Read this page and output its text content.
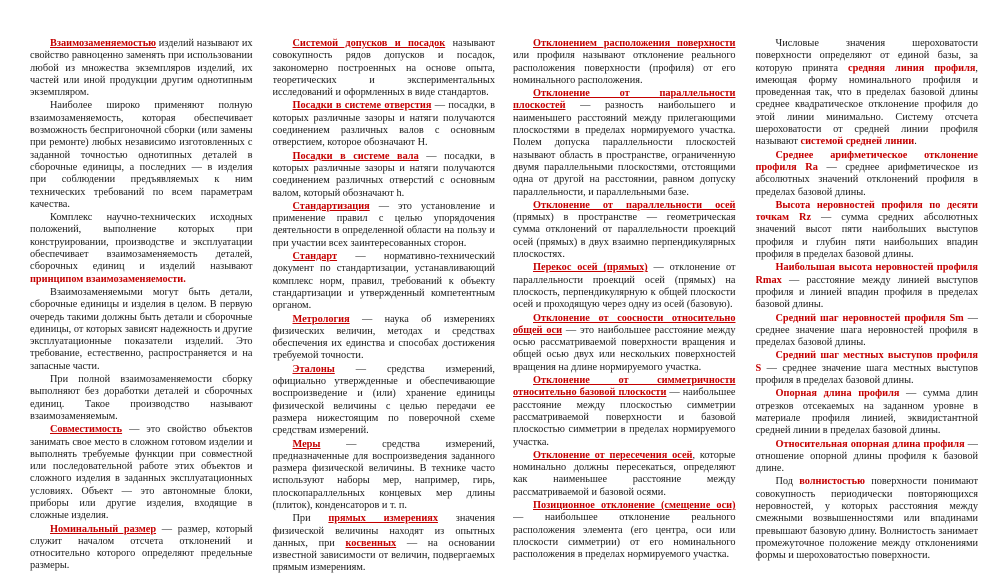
Взаимозаменяемостью изделий называют их свойство равноценно заменять при использовании любой из множества экземпляров изделий, их частей или иной продукции другим однотипным экземпляром.

Наиболее широко применяют полную взаимозаменяемость, которая обеспечивает возможность беспригоночной сборки (или замены при ремонте) любых независимо изготовленных с заданной точностью однотипных деталей в сборочные единицы, а последних — в изделия при соблюдении предъявляемых к ним технических требований по всем параметрам качества.

Комплекс научно-технических исходных положений, выполнение которых при конструировании, производстве и эксплуатации обеспечивает взаимозаменяемость деталей, сборочных единиц и изделий называют принципом взаимозаменяемости.

Взаимозаменяемыми могут быть детали, сборочные единицы и изделия в целом. В первую очередь такими должны быть детали и сборочные единицы, от которых зависят надежность и другие эксплуатационные показатели изделий. Это требование, естественно, распространяется и на запасные части.

При полной взаимозаменяемости сборку выполняют без доработки деталей и сборочных единиц. Такое производство называют взаимозаменяемым.

Совместимость — это свойство объектов занимать свое место в сложном готовом изделии и выполнять требуемые функции при совместной или последовательной работе этих объектов и сложного изделия в заданных эксплуатационных условиях. Объект — это автономные блоки, приборы или другие изделия, входящие в сложные изделия.

Номинальный размер — размер, который служит началом отсчета отклонений и относительно которого определяют предельные размеры.

Системой допусков и посадок называют совокупность рядов допусков и посадок, закономерно построенных на основе опыта, теоретических и экспериментальных исследований и оформленных в виде стандартов.

Посадки в системе отверстия — посадки, в которых различные зазоры и натяги получаются соединением различных валов с основным отверстием, которое обозначают H.

Посадки в системе вала — посадки, в которых различные зазоры и натяги получаются соединением различных отверстий с основным валом, который обозначают h.

Стандартизация — это установление и применение правил с целью упорядочения деятельности в определенной области на пользу и при участии всех заинтересованных сторон.

Стандарт — нормативно-технический документ по стандартизации, устанавливающий комплекс норм, правил, требований к объекту стандартизации и утвержденный компетентным органом.

Метрология — наука об измерениях физических величин, методах и средствах обеспечения их единства и способах достижения требуемой точности.

Эталоны — средства измерений, официально утвержденные и обеспечивающие воспроизведение и (или) хранение единицы физической величины с целью передачи ее размера нижестоящим по поверочной схеме средствам измерений.

Меры — средства измерений, предназначенные для воспроизведения заданного размера физической величины. В технике часто используют наборы мер, например, гирь, плоскопараллельных концевых мер длины (плиток), конденсаторов и т. п.

При прямых измерениях значения физической величины находят из опытных данных, при косвенных — на основании известной зависимости от величин, подвергаемых прямым измерениям.

Отклонением расположения поверхности или профиля называют отклонение реального расположения поверхности (профиля) от его номинального расположения.

Отклонение от параллельности плоскостей — разность наибольшего и наименьшего расстояний между прилегающими плоскостями в пределах нормируемого участка. Полем допуска параллельности плоскостей называют область в пространстве, ограниченную двумя параллельными плоскостями, отстоящими одна от другой на расстоянии, равном допуску параллельности, и параллельными базе.

Отклонение от параллельности осей (прямых) в пространстве — геометрическая сумма отклонений от параллельности проекций осей (прямых) в двух взаимно перпендикулярных плоскостях.

Перекос осей (прямых) — отклонение от параллельности проекций осей (прямых) на плоскость, перпендикулярную к общей плоскости осей и проходящую через одну из осей (базовую).

Отклонение от соосности относительно общей оси — это наибольшее расстояние между осью рассматриваемой поверхности вращения и общей осью двух или нескольких поверхностей вращения на длине нормируемого участка.

Отклонение от симметричности относительно базовой плоскости — наибольшее расстояние между плоскостью симметрии рассматриваемой поверхности и базовой плоскостью симметрии в пределах нормируемого участка.

Отклонение от пересечения осей, которые номинально должны пересекаться, определяют как наименьшее расстояние между рассматриваемой и базовой осями.

Позиционное отклонение (смещение оси) — наибольшее отклонение реального расположения элемента (его центра, оси или плоскости симметрии) от его номинального расположения в пределах нормируемого участка.

Числовые значения шероховатости поверхности определяют от единой базы, за которую принята средняя линия профиля, имеющая форму номинального профиля и проведенная так, что в пределах базовой длины среднее квадратическое отклонение профиля до этой линии минимально. Систему отсчета шероховатости от средней линии профиля называют системой средней линии.

Среднее арифметическое отклонение профиля Ra — среднее арифметическое из абсолютных значений отклонений профиля в пределах базовой длины.

Высота неровностей профиля по десяти точкам Rz — сумма средних абсолютных значений высот пяти наибольших выступов профиля и глубин пяти наибольших впадин профиля в пределах базовой длины.

Наибольшая высота неровностей профиля Rmax — расстояние между линией выступов профиля и линией впадин профиля в пределах базовой длины.

Средний шаг неровностей профиля Sm — среднее значение шага неровностей профиля в пределах базовой длины.

Средний шаг местных выступов профиля S — среднее значение шага местных выступов профиля в пределах базовой длины.

Опорная длина профиля — сумма длин отрезков отсекаемых на заданном уровне в материале профиля линией, эквидистантной средней линии в пределах базовой длины.

Относительная опорная длина профиля — отношение опорной длины профиля к базовой длине.

Под волнистостью поверхности понимают совокупность периодически повторяющихся неровностей, у которых расстояния между смежными возвышенностями или впадинами превышают базовую длину. Волнистость занимает промежуточное положение между отклонениями формы и шероховатостью поверхности.
